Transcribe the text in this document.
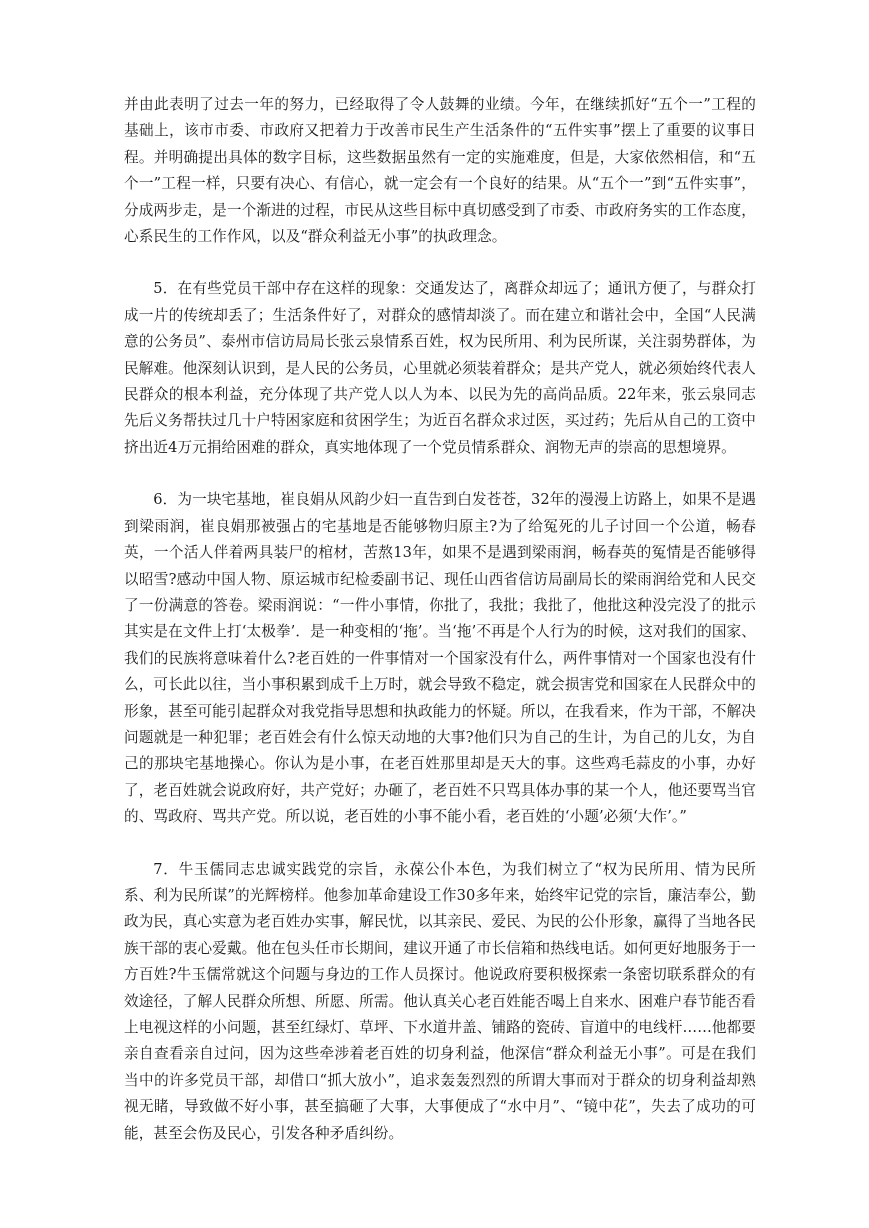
并由此表明了过去一年的努力，已经取得了令人鼓舞的业绩。今年，在继续抓好“五个一”工程的基础上，该市市委、市政府又把着力于改善市民生产生活条件的“五件实事”摆上了重要的议事日程。并明确提出具体的数字目标，这些数据虽然有一定的实施难度，但是，大家依然相信，和“五个一”工程一样，只要有决心、有信心，就一定会有一个良好的结果。从“五个一”到“五件实事”，分成两步走，是一个渐进的过程，市民从这些目标中真切感受到了市委、市政府务实的工作态度，心系民生的工作作风，以及“群众利益无小事”的执政理念。

5．在有些党员干部中存在这样的现象：交通发达了，离群众却远了；通讯方便了，与群众打成一片的传统却丢了；生活条件好了，对群众的感情却淡了。而在建立和谐社会中，全国“人民满意的公务员”、泰州市信访局局长张云泉情系百姓，权为民所用、利为民所谋，关注弱势群体，为民解难。他深刻认识到，是人民的公务员，心里就必须装着群众；是共产党人，就必须始终代表人民群众的根本利益，充分体现了共产党人以人为本、以民为先的高尚品质。22年来，张云泉同志先后义务帮扶过几十户特困家庭和贫困学生；为近百名群众求过医，买过药；先后从自己的工资中挤出近4万元捐给困难的群众，真实地体现了一个党员情系群众、润物无声的崇高的思想境界。

6．为一块宅基地，崔良娟从风韵少妇一直告到白发苍苍，32年的漫漫上访路上，如果不是遇到梁雨润，崔良娟那被强占的宅基地是否能够物归原主?为了给冤死的儿子讨回一个公道，畅春英，一个活人伴着两具装尸的棺材，苦熬13年，如果不是遇到梁雨润，畅春英的冤情是否能够得以昭雪?感动中国人物、原运城市纪检委副书记、现任山西省信访局副局长的梁雨润给党和人民交了一份满意的答卷。梁雨润说：“一件小事情，你批了，我批；我批了，他批这种没完没了的批示其实是在文件上打‘太极拳’．是一种变相的‘拖’。当‘拖’不再是个人行为的时候，这对我们的国家、我们的民族将意味着什么?老百姓的一件事情对一个国家没有什么，两件事情对一个国家也没有什么，可长此以往，当小事积累到成千上万时，就会导致不稳定，就会损害党和国家在人民群众中的形象，甚至可能引起群众对我党指导思想和执政能力的怀疑。所以，在我看来，作为干部，不解决问题就是一种犯罪；老百姓会有什么惊天动地的大事?他们只为自己的生计，为自己的儿女，为自己的那块宅基地操心。你认为是小事，在老百姓那里却是天大的事。这些鸡毛蒜皮的小事，办好了，老百姓就会说政府好，共产党好；办砸了，老百姓不只骂具体办事的某一个人，他还要骂当官的、骂政府、骂共产党。所以说，老百姓的小事不能小看，老百姓的‘小题’必须‘大作’。”

7．牛玉儒同志忠诚实践党的宗旨，永葆公仆本色，为我们树立了“权为民所用、情为民所系、利为民所谋”的光辉榜样。他参加革命建设工作30多年来，始终牢记党的宗旨，廉洁奉公，勤政为民，真心实意为老百姓办实事，解民忧，以其亲民、爱民、为民的公仆形象，赢得了当地各民族干部的衷心爱戴。他在包头任市长期间，建议开通了市长信箱和热线电话。如何更好地服务于一方百姓?牛玉儒常就这个问题与身边的工作人员探讨。他说政府要积极探索一条密切联系群众的有效途径，了解人民群众所想、所愿、所需。他认真关心老百姓能否喝上自来水、困难户春节能否看上电视这样的小问题，甚至红绿灯、草坪、下水道井盖、铺路的瓷砖、盲道中的电线杆……他都要亲自查看亲自过问，因为这些牵涉着老百姓的切身利益，他深信“群众利益无小事”。可是在我们当中的许多党员干部，却借口“抓大放小”，追求轰轰烈烈的所谓大事而对于群众的切身利益却熟视无睹，导致做不好小事，甚至搞砸了大事，大事便成了“水中月”、“镜中花”，失去了成功的可能，甚至会伤及民心，引发各种矛盾纠纷。
